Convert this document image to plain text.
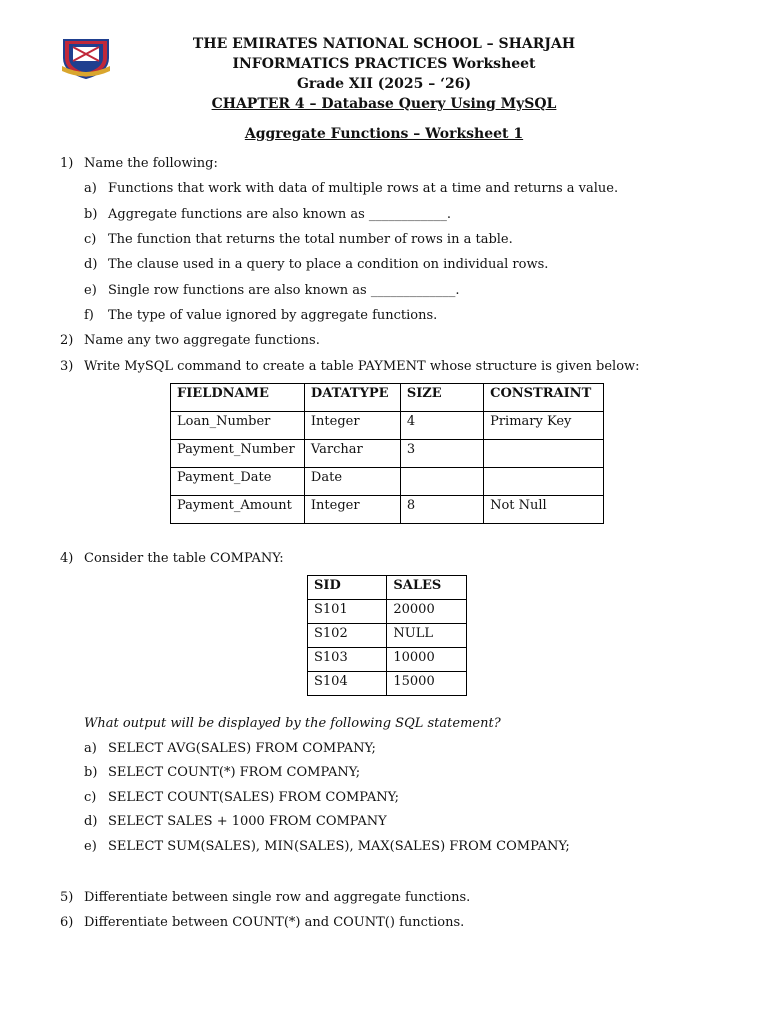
THE EMIRATES NATIONAL SCHOOL – SHARJAH
INFORMATICS PRACTICES Worksheet
Grade XII (2025 – ‘26)
CHAPTER 4 – Database Query Using MySQL
Aggregate Functions – Worksheet 1
1) Name the following:
a) Functions that work with data of multiple rows at a time and returns a value.
b) Aggregate functions are also known as ____________.
c) The function that returns the total number of rows in a table.
d) The clause used in a query to place a condition on individual rows.
e) Single row functions are also known as _____________.
f) The type of value ignored by aggregate functions.
2) Name any two aggregate functions.
3) Write MySQL command to create a table PAYMENT whose structure is given below:
FIELDNAME	DATATYPE	SIZE	CONSTRAINT
Loan_Number	Integer	4	Primary Key
Payment_Number	Varchar	3	
Payment_Date	Date		
Payment_Amount	Integer	8	Not Null
4) Consider the table COMPANY:
SID	SALES
S101	20000
S102	NULL
S103	10000
S104	15000
What output will be displayed by the following SQL statement?
a) SELECT AVG(SALES) FROM COMPANY;
b) SELECT COUNT(*) FROM COMPANY;
c) SELECT COUNT(SALES) FROM COMPANY;
d) SELECT SALES + 1000 FROM COMPANY
e) SELECT SUM(SALES), MIN(SALES), MAX(SALES) FROM COMPANY;
5) Differentiate between single row and aggregate functions.
6) Differentiate between COUNT(*) and COUNT() functions.
